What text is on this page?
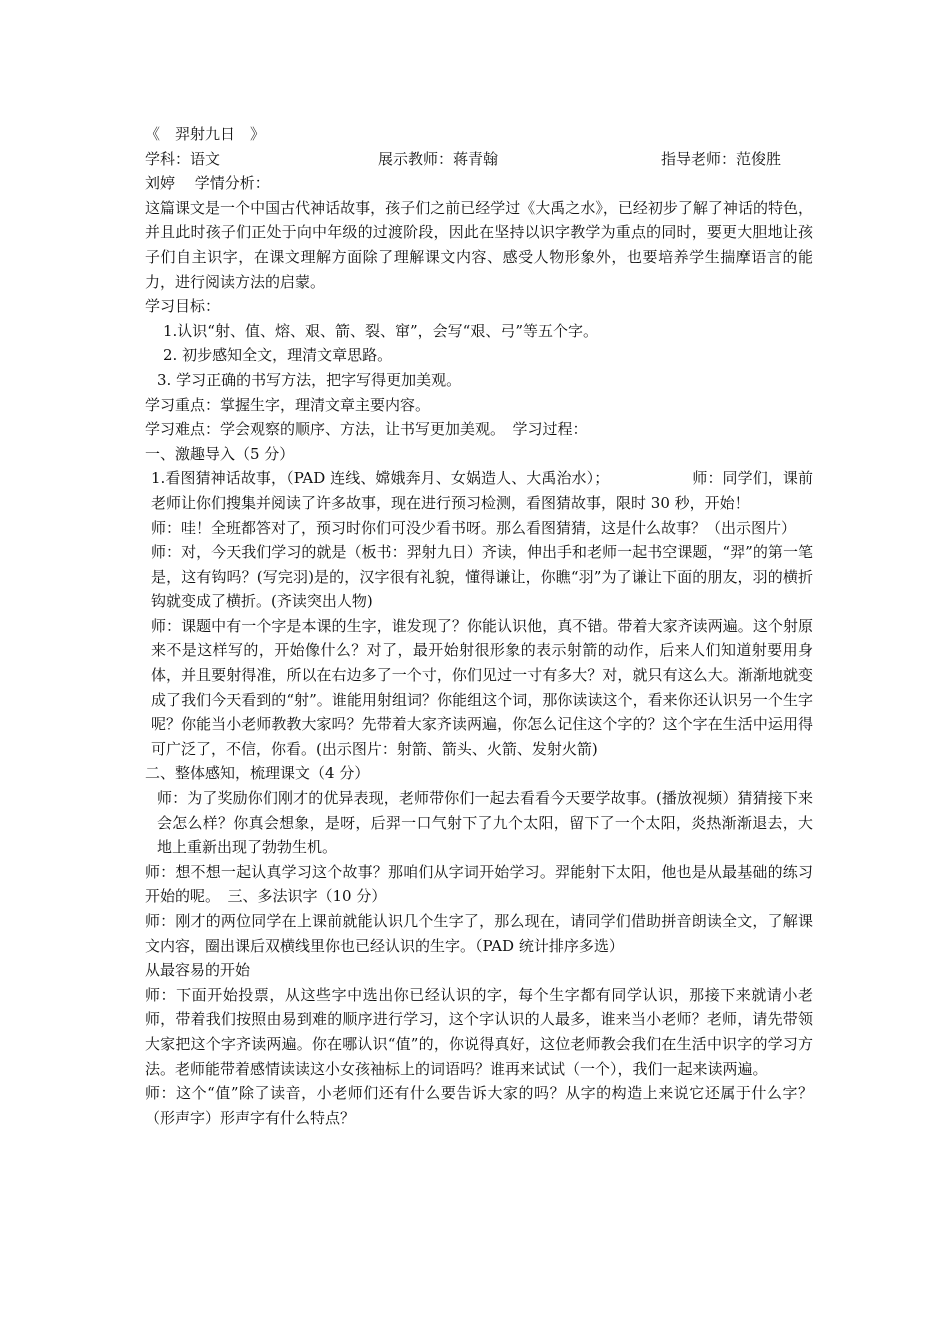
《　羿射九日　》

学科：语文	展示教师：蒋青翰	指导老师：范俊胜

刘婷　 学情分析：

这篇课文是一个中国古代神话故事，孩子们之前已经学过《大禹之水》，已经初步了解了神话的特色，并且此时孩子们正处于向中年级的过渡阶段，因此在坚持以识字教学为重点的同时，要更大胆地让孩子们自主识字，在课文理解方面除了理解课文内容、感受人物形象外，也要培养学生揣摩语言的能力，进行阅读方法的启蒙。

学习目标：

1.认识“射、值、熔、艰、箭、裂、窜”，会写“艰、弓”等五个字。

2. 初步感知全文，理清文章思路。

3. 学习正确的书写方法，把字写得更加美观。

学习重点：掌握生字，理清文章主要内容。

学习难点：学会观察的顺序、方法，让书写更加美观。　学习过程：

一、激趣导入（5 分）

1.看图猜神话故事，（PAD 连线、嫦娥奔月、女娲造人、大禹治水）；　　　　　　师：同学们，课前老师让你们搜集并阅读了许多故事，现在进行预习检测，看图猜故事，限时 30 秒，开始！

师：哇！全班都答对了，预习时你们可没少看书呀。那么看图猜猜，这是什么故事？（出示图片）

师：对，今天我们学习的就是（板书：羿射九日）齐读，伸出手和老师一起书空课题，“羿”的第一笔是，这有钩吗？(写完羽)是的，汉字很有礼貌，懂得谦让，你瞧“羽”为了谦让下面的朋友，羽的横折钩就变成了横折。(齐读突出人物)

师：课题中有一个字是本课的生字，谁发现了？你能认识他，真不错。带着大家齐读两遍。这个射原来不是这样写的，开始像什么？对了，最开始射很形象的表示射箭的动作，后来人们知道射要用身体，并且要射得准，所以在右边多了一个寸，你们见过一寸有多大？对，就只有这么大。渐渐地就变成了我们今天看到的“射”。谁能用射组词？你能组这个词，那你读读这个，看来你还认识另一个生字呢？你能当小老师教教大家吗？先带着大家齐读两遍，你怎么记住这个字的？这个字在生活中运用得可广泛了，不信，你看。(出示图片：射箭、箭头、火箭、发射火箭)

二、整体感知，梳理课文（4 分）

师：为了奖励你们刚才的优异表现，老师带你们一起去看看今天要学故事。(播放视频）猜猜接下来会怎么样？你真会想象，是呀，后羿一口气射下了九个太阳，留下了一个太阳，炎热渐渐退去，大地上重新出现了勃勃生机。

师：想不想一起认真学习这个故事？那咱们从字词开始学习。羿能射下太阳，他也是从最基础的练习开始的呢。　三、多法识字（10 分）

师：刚才的两位同学在上课前就能认识几个生字了，那么现在，请同学们借助拼音朗读全文，了解课文内容，圈出课后双横线里你也已经认识的生字。（PAD 统计排序多选）

从最容易的开始

师：下面开始投票，从这些字中选出你已经认识的字，每个生字都有同学认识，那接下来就请小老师，带着我们按照由易到难的顺序进行学习，这个字认识的人最多，谁来当小老师？老师，请先带领大家把这个字齐读两遍。你在哪认识“值”的，你说得真好，这位老师教会我们在生活中识字的学习方法。老师能带着感情读读这小女孩袖标上的词语吗？谁再来试试（一个），我们一起来读两遍。

师：这个“值”除了读音，小老师们还有什么要告诉大家的吗？从字的构造上来说它还属于什么字？（形声字）形声字有什么特点？
